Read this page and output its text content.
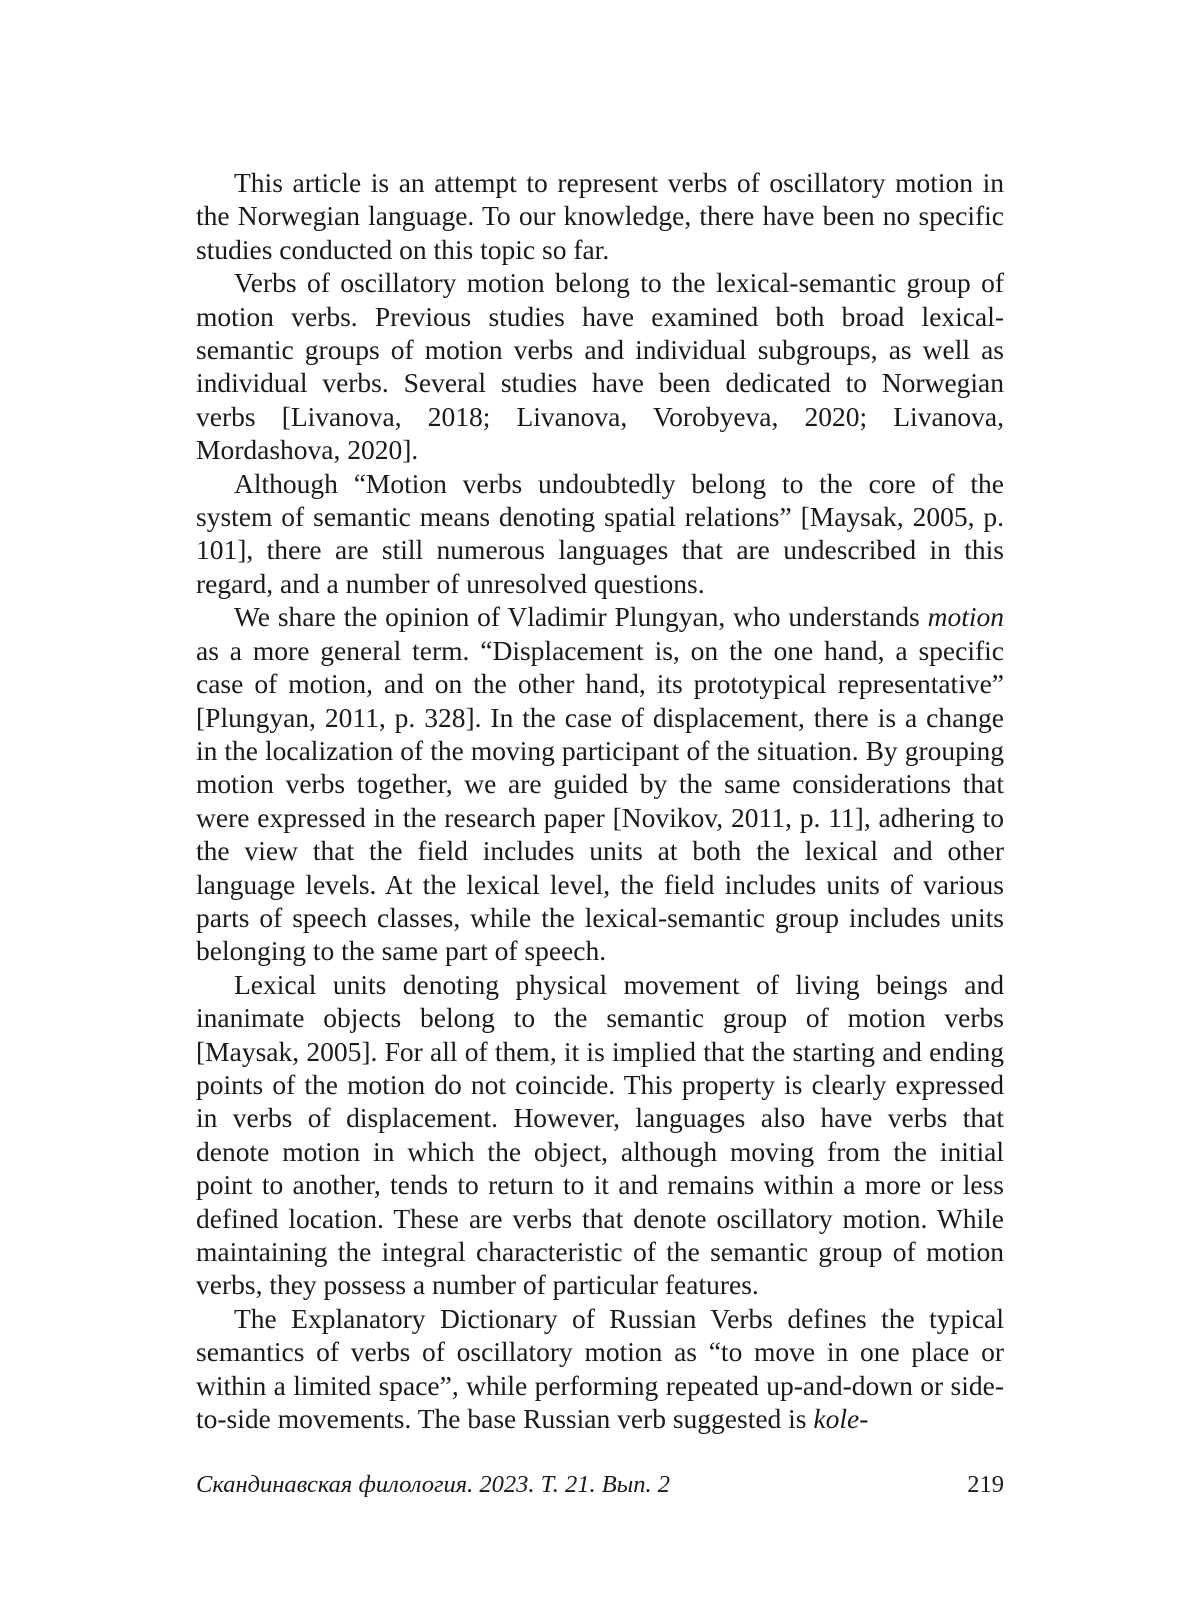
This article is an attempt to represent verbs of oscillatory motion in the Norwegian language. To our knowledge, there have been no specific studies conducted on this topic so far.

Verbs of oscillatory motion belong to the lexical-semantic group of motion verbs. Previous studies have examined both broad lexical-semantic groups of motion verbs and individual subgroups, as well as individual verbs. Several studies have been dedicated to Norwegian verbs [Livanova, 2018; Livanova, Vorobyeva, 2020; Livanova, Mordashova, 2020].

Although “Motion verbs undoubtedly belong to the core of the system of semantic means denoting spatial relations” [Maysak, 2005, p. 101], there are still numerous languages that are undescribed in this regard, and a number of unresolved questions.

We share the opinion of Vladimir Plungyan, who understands motion as a more general term. “Displacement is, on the one hand, a specific case of motion, and on the other hand, its prototypical representative” [Plungyan, 2011, p. 328]. In the case of displacement, there is a change in the localization of the moving participant of the situation. By grouping motion verbs together, we are guided by the same considerations that were expressed in the research paper [Novikov, 2011, p. 11], adhering to the view that the field includes units at both the lexical and other language levels. At the lexical level, the field includes units of various parts of speech classes, while the lexical-semantic group includes units belonging to the same part of speech.

Lexical units denoting physical movement of living beings and inanimate objects belong to the semantic group of motion verbs [Maysak, 2005]. For all of them, it is implied that the starting and ending points of the motion do not coincide. This property is clearly expressed in verbs of displacement. However, languages also have verbs that denote motion in which the object, although moving from the initial point to another, tends to return to it and remains within a more or less defined location. These are verbs that denote oscillatory motion. While maintaining the integral characteristic of the semantic group of motion verbs, they possess a number of particular features.

The Explanatory Dictionary of Russian Verbs defines the typical semantics of verbs of oscillatory motion as “to move in one place or within a limited space”, while performing repeated up-and-down or side-to-side movements. The base Russian verb suggested is kole-

Скандинавская филология. 2023. Т. 21. Вып. 2	219
